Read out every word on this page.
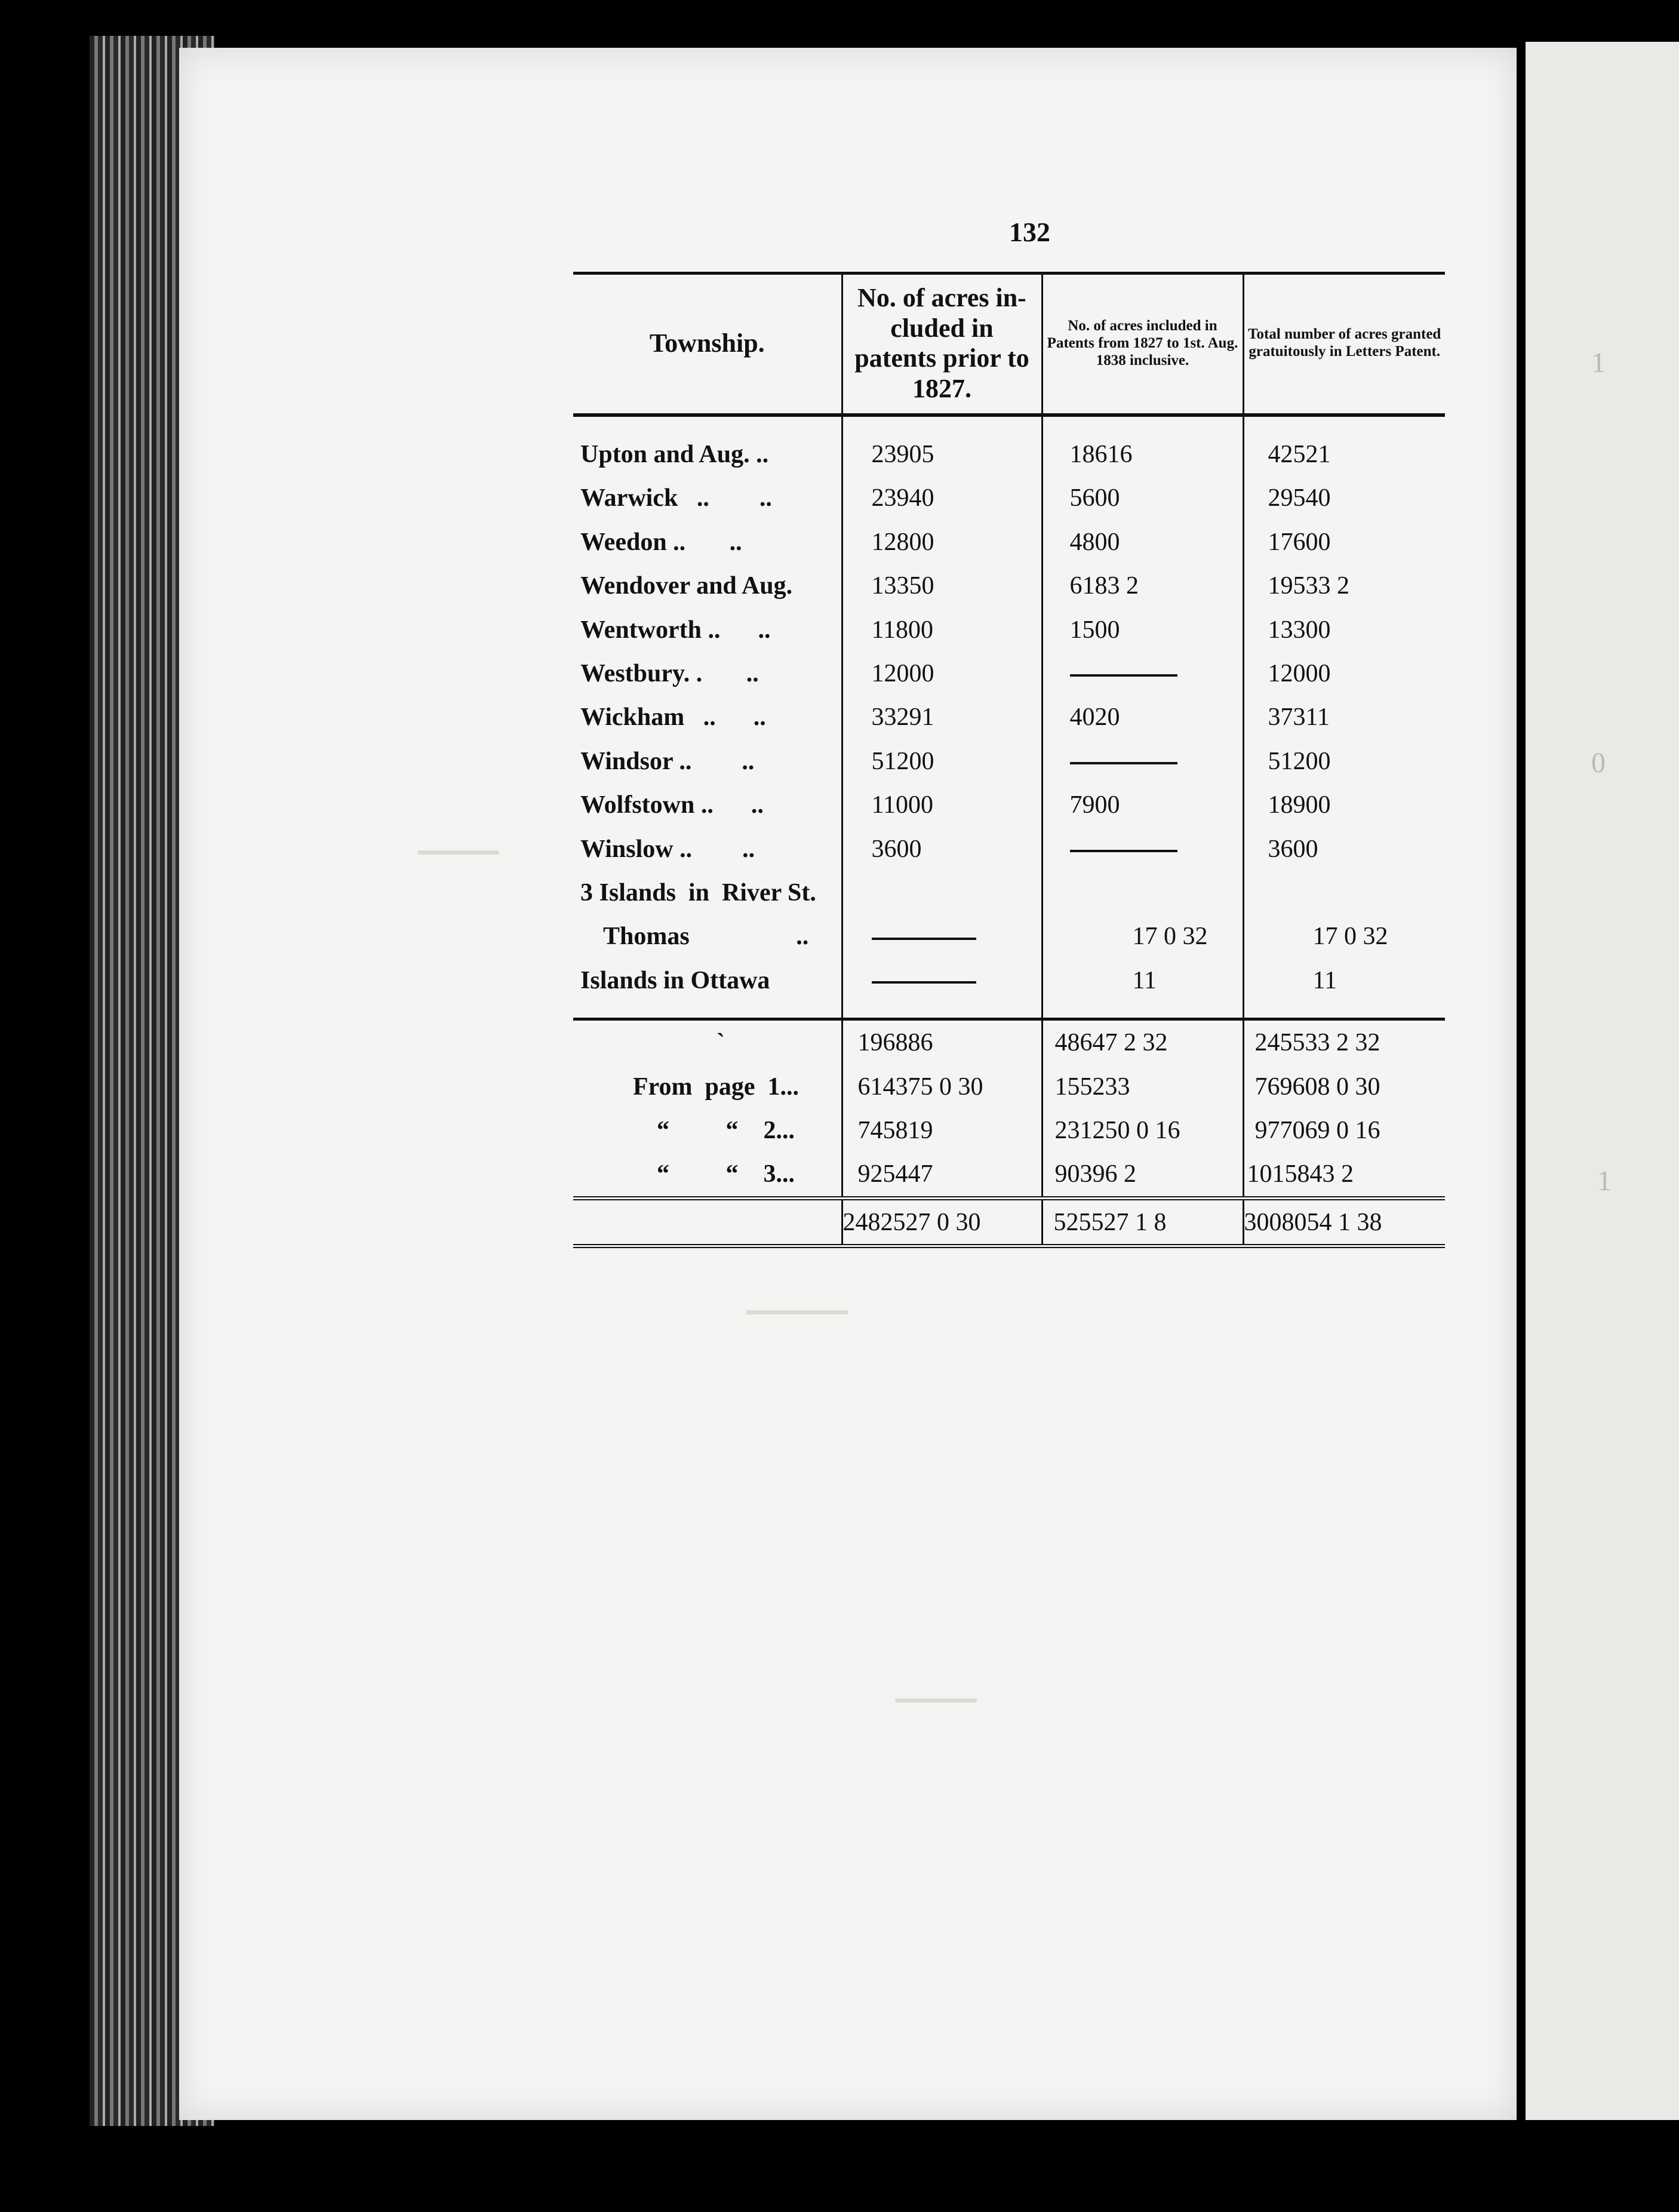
1
0
1
▁▁▁▁
▁▁▁▁▁
▁▁▁▁
132
Township.	No. of acres in-cluded in patents prior to 1827.	No. of acres included in Patents from 1827 to 1st. Aug. 1838 inclusive.	Total number of acres granted gratuitously in Letters Patent.

Upton and Aug. ..	23905	18616	42521
Warwick   ..        ..	23940	5600	29540
Weedon ..       ..	12800	4800	17600
Wendover and Aug.	13350	6183 2	19533 2
Wentworth ..      ..	11800	1500	13300
Westbury. .       ..	12000		12000
Wickham   ..      ..	33291	4020	37311
Windsor ..        ..	51200		51200
Wolfstown ..      ..	11000	7900	18900
Winslow ..        ..	3600		3600
3 Islands  in  River St.			
Thomas                 ..		17 0 32	17 0 32
Islands in Ottawa		11	11

`	196886	48647 2 32	245533 2 32
From  page  1...	614375 0 30	155233	769608 0 30
“         “    2...	745819	231250 0 16	977069 0 16
“         “    3...	925447	90396 2	1015843 2
	2482527 0 30	525527 1 8	3008054 1 38
